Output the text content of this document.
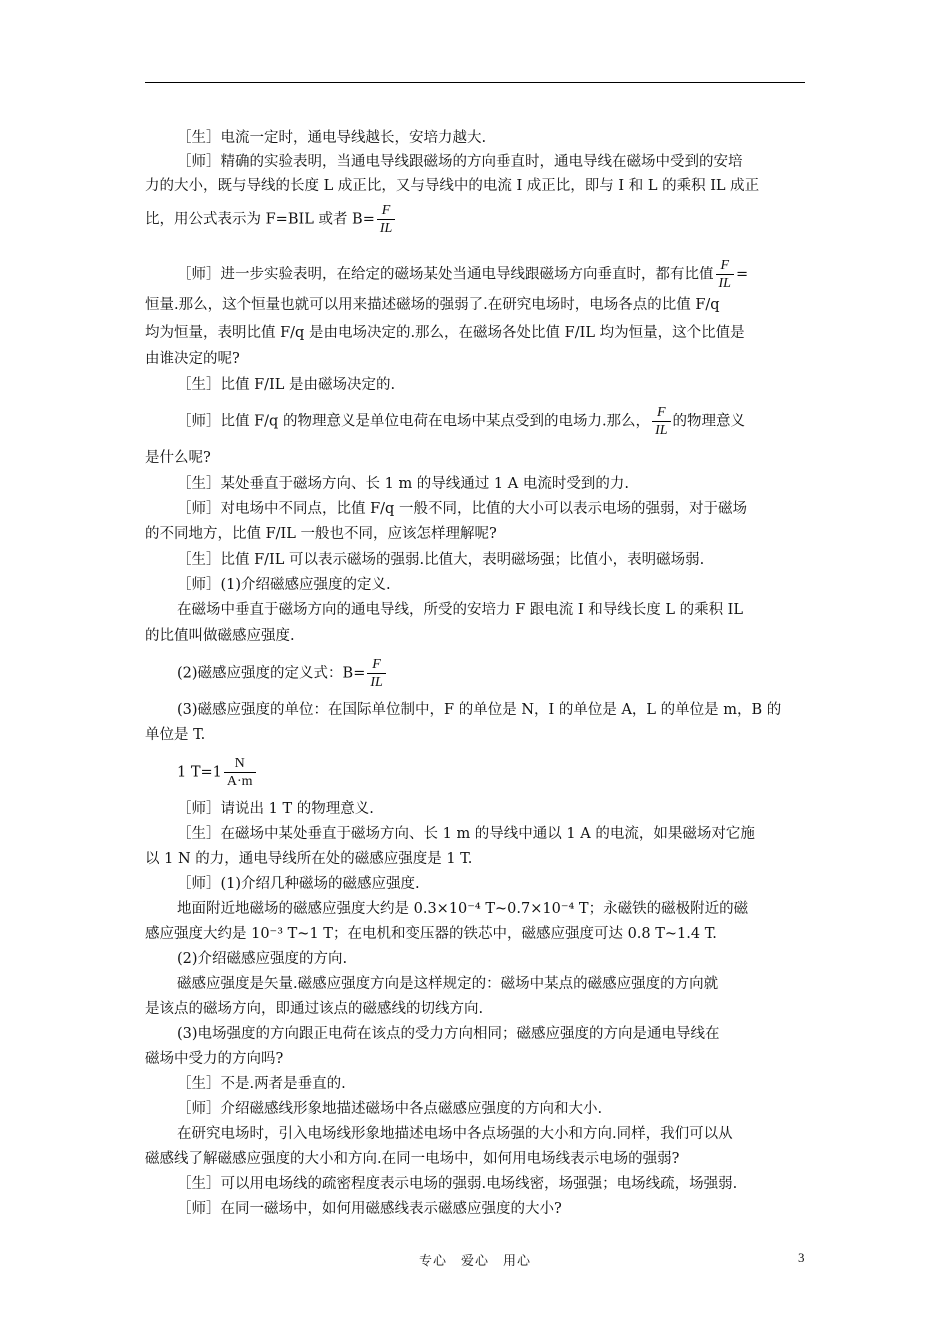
［生］电流一定时，通电导线越长，安培力越大.
［师］精确的实验表明，当通电导线跟磁场的方向垂直时，通电导线在磁场中受到的安培
力的大小，既与导线的长度 L 成正比，又与导线中的电流 I 成正比，即与 I 和 L 的乘积 IL 成正
比，用公式表示为 F=BIL 或者 $B= \frac{F}{IL}$
［师］进一步实验表明，在给定的磁场某处当通电导线跟磁场方向垂直时，都有比值 $\frac{F}{IL}$ =
恒量.那么，这个恒量也就可以用来描述磁场的强弱了.在研究电场时，电场各点的比值 F/q
均为恒量，表明比值 F/q 是由电场决定的.那么，在磁场各处比值 F/IL 均为恒量，这个比值是
由谁决定的呢?
［生］比值 F/IL 是由磁场决定的.
［师］比值 F/q 的物理意义是单位电荷在电场中某点受到的电场力.那么， $\frac{F}{IL}$ 的物理意义
是什么呢?
［生］某处垂直于磁场方向、长 1 m 的导线通过 1 A 电流时受到的力.
［师］对电场中不同点，比值 F/q 一般不同，比值的大小可以表示电场的强弱，对于磁场
的不同地方，比值 F/IL 一般也不同，应该怎样理解呢?
［生］比值 F/IL 可以表示磁场的强弱.比值大，表明磁场强；比值小，表明磁场弱.
［师］(1)介绍磁感应强度的定义.
在磁场中垂直于磁场方向的通电导线，所受的安培力 F 跟电流 I 和导线长度 L 的乘积 IL
的比值叫做磁感应强度.
(2)磁感应强度的定义式：$B= \frac{F}{IL}$
(3)磁感应强度的单位：在国际单位制中，F 的单位是 N，I 的单位是 A，L 的单位是 m，B 的
单位是 T.
1 $T=1 \frac{N}{A\cdot m}$
［师］请说出 1 T 的物理意义.
［生］在磁场中某处垂直于磁场方向、长 1 m 的导线中通以 1 A 的电流，如果磁场对它施
以 1 N 的力，通电导线所在处的磁感应强度是 1 T.
［师］(1)介绍几种磁场的磁感应强度.
地面附近地磁场的磁感应强度大约是 0.3×10⁻⁴ T~0.7×10⁻⁴ T；永磁铁的磁极附近的磁
感应强度大约是 10⁻³ T~1 T；在电机和变压器的铁芯中，磁感应强度可达 0.8 T~1.4 T.
(2)介绍磁感应强度的方向.
磁感应强度是矢量.磁感应强度方向是这样规定的：磁场中某点的磁感应强度的方向就
是该点的磁场方向，即通过该点的磁感线的切线方向.
(3)电场强度的方向跟正电荷在该点的受力方向相同；磁感应强度的方向是通电导线在
磁场中受力的方向吗?
［生］不是.两者是垂直的.
［师］介绍磁感线形象地描述磁场中各点磁感应强度的方向和大小.
在研究电场时，引入电场线形象地描述电场中各点场强的大小和方向.同样，我们可以从
磁感线了解磁感应强度的大小和方向.在同一电场中，如何用电场线表示电场的强弱?
［生］可以用电场线的疏密程度表示电场的强弱.电场线密，场强强；电场线疏，场强弱.
［师］在同一磁场中，如何用磁感线表示磁感应强度的大小?
专心　爱心　用心	3
